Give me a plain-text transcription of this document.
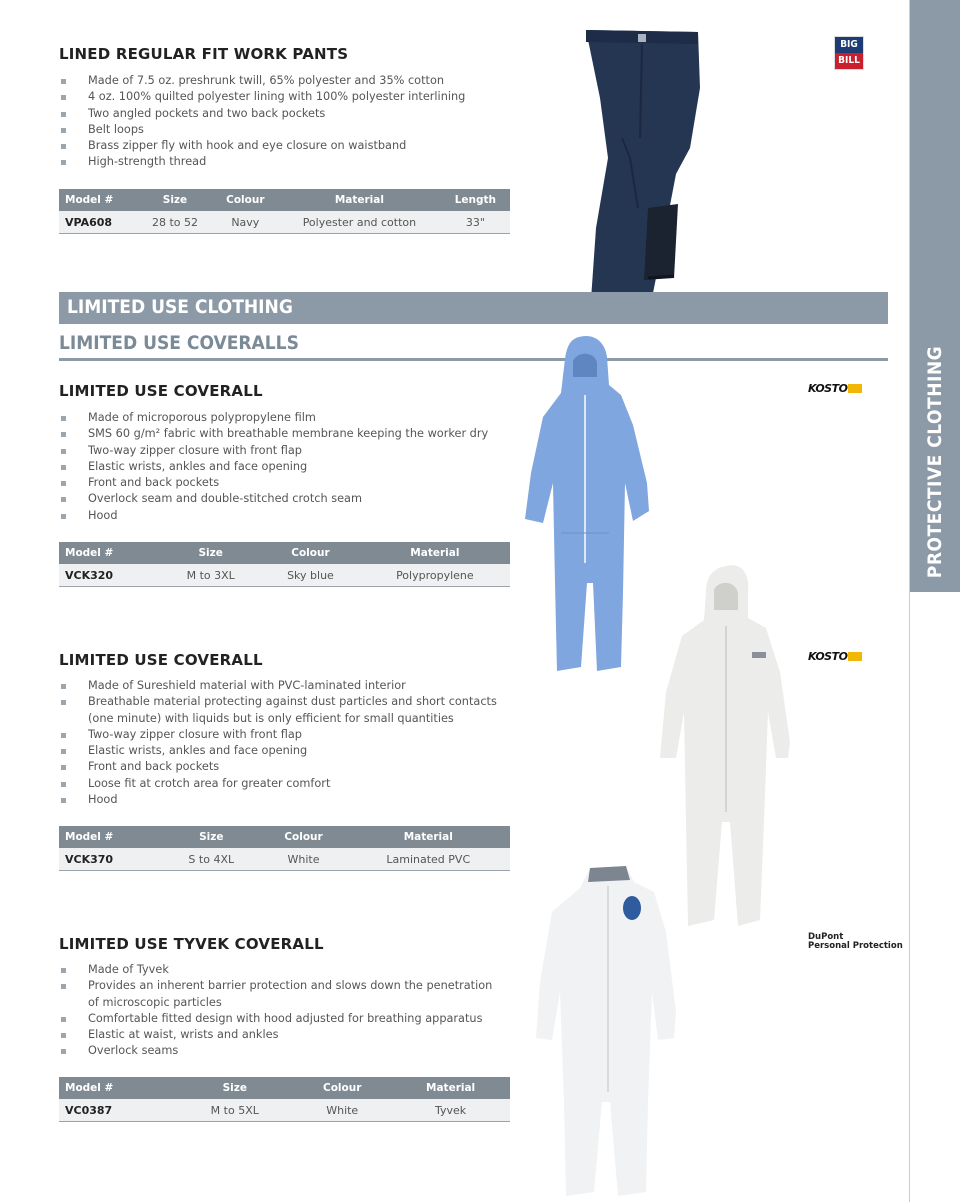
PROTECTIVE CLOTHING
LINED REGULAR FIT WORK PANTS
Made of 7.5 oz. preshrunk twill, 65% polyester and 35% cotton
4 oz. 100% quilted polyester lining with 100% polyester interlining
Two angled pockets and two back pockets
Belt loops
Brass zipper fly with hook and eye closure on waistband
High-strength thread
Model #	Size	Colour	Material	Length
VPA608	28 to 52	Navy	Polyester and cotton	33"
BIG
BILL
LIMITED USE CLOTHING
LIMITED USE COVERALLS
LIMITED USE COVERALL
Made of microporous polypropylene film
SMS 60 g/m² fabric with breathable membrane keeping the worker dry
Two-way zipper closure with front flap
Elastic wrists, ankles and face opening
Front and back pockets
Overlock seam and double-stitched crotch seam
Hood
Model #	Size	Colour	Material
VCK320	M to 3XL	Sky blue	Polypropylene
KOSTO
LIMITED USE COVERALL
Made of Sureshield material with PVC-laminated interior
Breathable material protecting against dust particles and short contacts (one minute) with liquids but is only efficient for small quantities
Two-way zipper closure with front flap
Elastic wrists, ankles and face opening
Front and back pockets
Loose fit at crotch area for greater comfort
Hood
Model #	Size	Colour	Material
VCK370	S to 4XL	White	Laminated PVC
KOSTO
LIMITED USE TYVEK COVERALL
Made of Tyvek
Provides an inherent barrier protection and slows down the penetration of microscopic particles
Comfortable fitted design with hood adjusted for breathing apparatus
Elastic at waist, wrists and ankles
Overlock seams
Model #	Size	Colour	Material
VC0387	M to 5XL	White	Tyvek
DuPont
Personal Protection
